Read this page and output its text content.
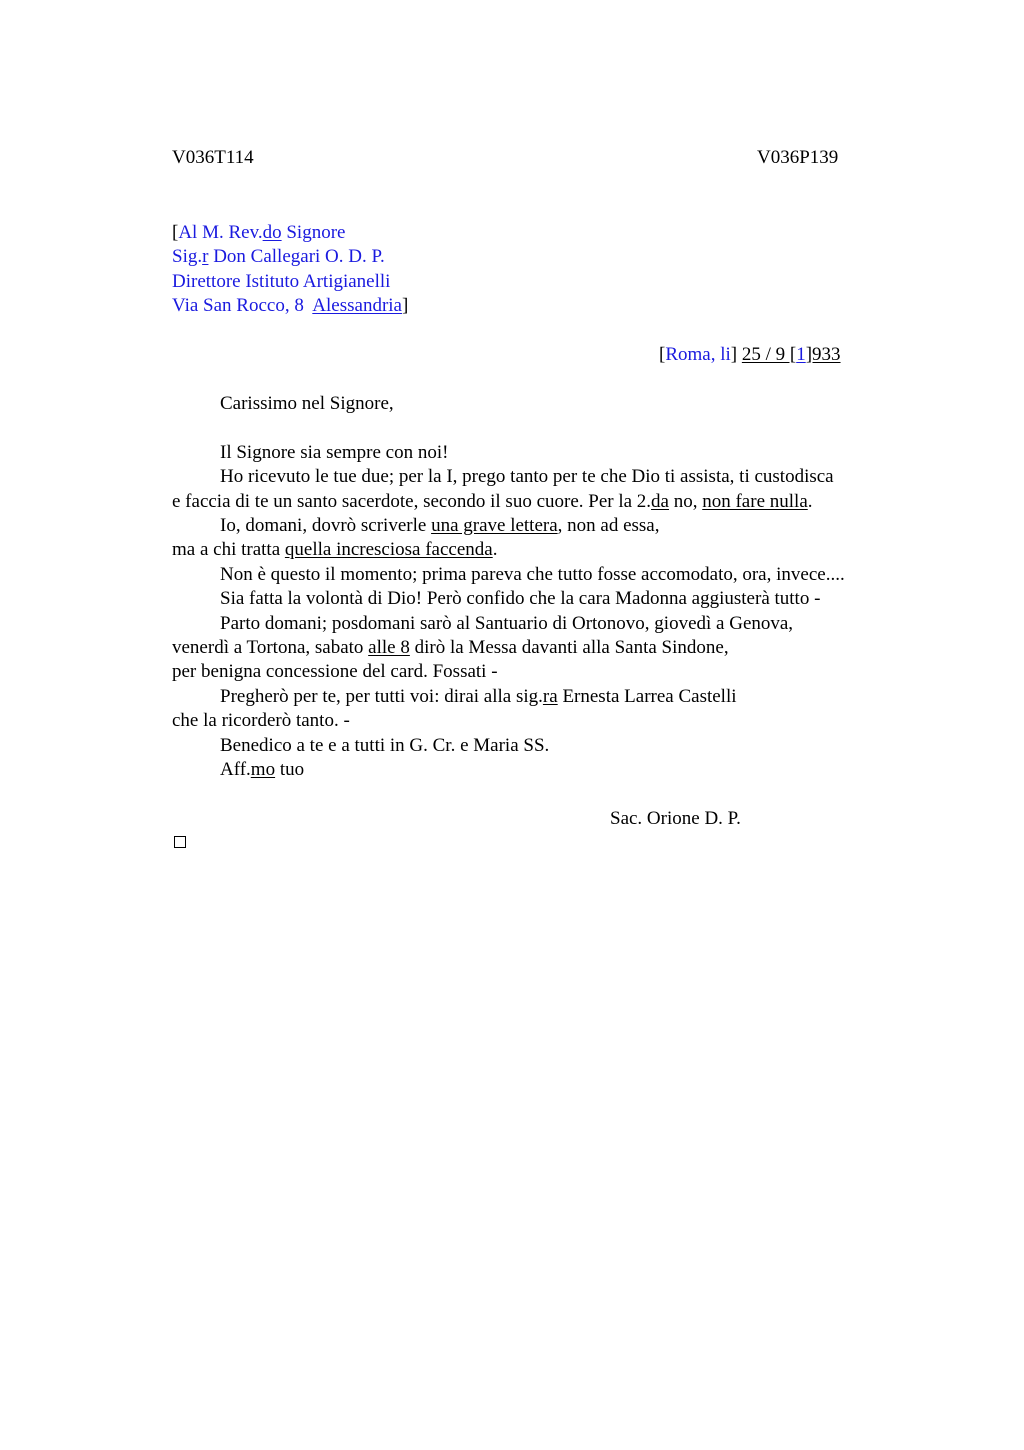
V036T114	V036P139
[Al M. Rev.do Signore
Sig.r Don Callegari O. D. P.
Direttore Istituto Artigianelli
Via San Rocco, 8  Alessandria]
[Roma, li] 25 / 9 [1]933
Carissimo nel Signore,
Il Signore sia sempre con noi!
Ho ricevuto le tue due; per la I, prego tanto per te che Dio ti assista, ti custodisca
e faccia di te un santo sacerdote, secondo il suo cuore. Per la 2.da no, non fare nulla.
Io, domani, dovrò scriverle una grave lettera, non ad essa,
ma a chi tratta quella incresciosa faccenda.
Non è questo il momento; prima pareva che tutto fosse accomodato, ora, invece....
Sia fatta la volontà di Dio! Però confido che la cara Madonna aggiusterà tutto -
Parto domani; posdomani sarò al Santuario di Ortonovo, giovedì a Genova,
venerdì a Tortona, sabato alle 8 dirò la Messa davanti alla Santa Sindone,
per benigna concessione del card. Fossati -
Pregherò per te, per tutti voi: dirai alla sig.ra Ernesta Larrea Castelli
che la ricorderò tanto. -
Benedico a te e a tutti in G. Cr. e Maria SS.
Aff.mo tuo
Sac. Orione D. P.
